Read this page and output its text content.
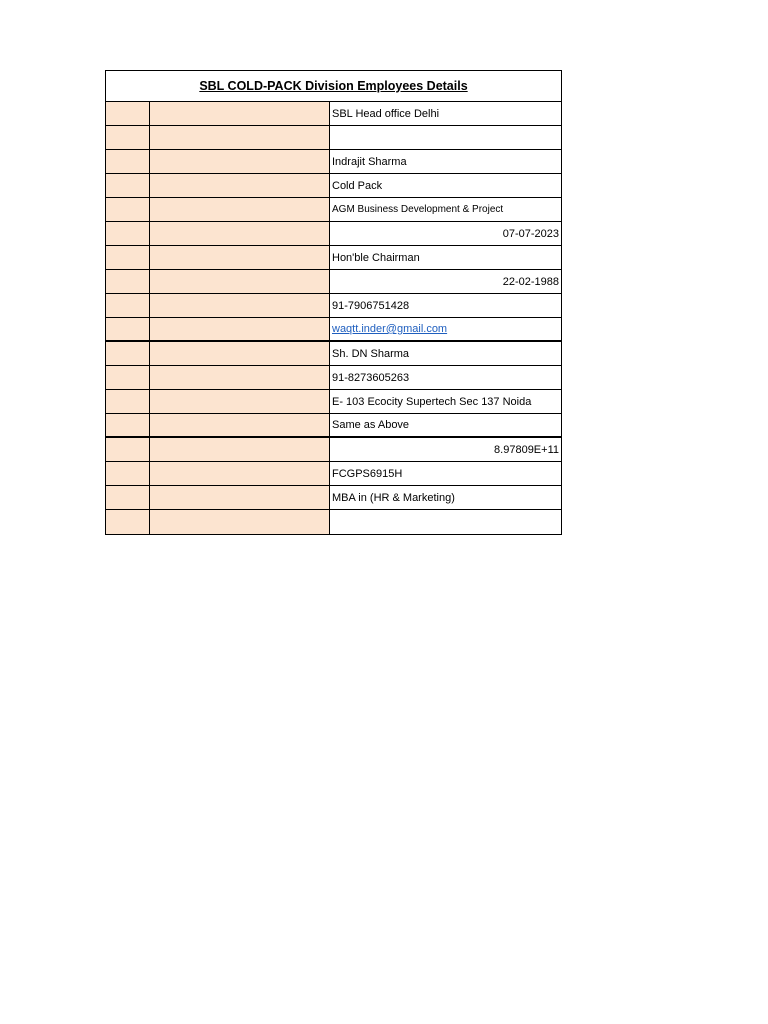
SBL COLD-PACK Division Employees Details
SBL Head office Delhi
Indrajit Sharma
Cold Pack
AGM Business Development & Project
07-07-2023
Hon'ble Chairman
22-02-1988
91-7906751428
waqtt.inder@gmail.com
Sh. DN Sharma
91-8273605263
E- 103 Ecocity Supertech Sec 137 Noida
Same as Above
8.97809E+11
FCGPS6915H
MBA in (HR & Marketing)
